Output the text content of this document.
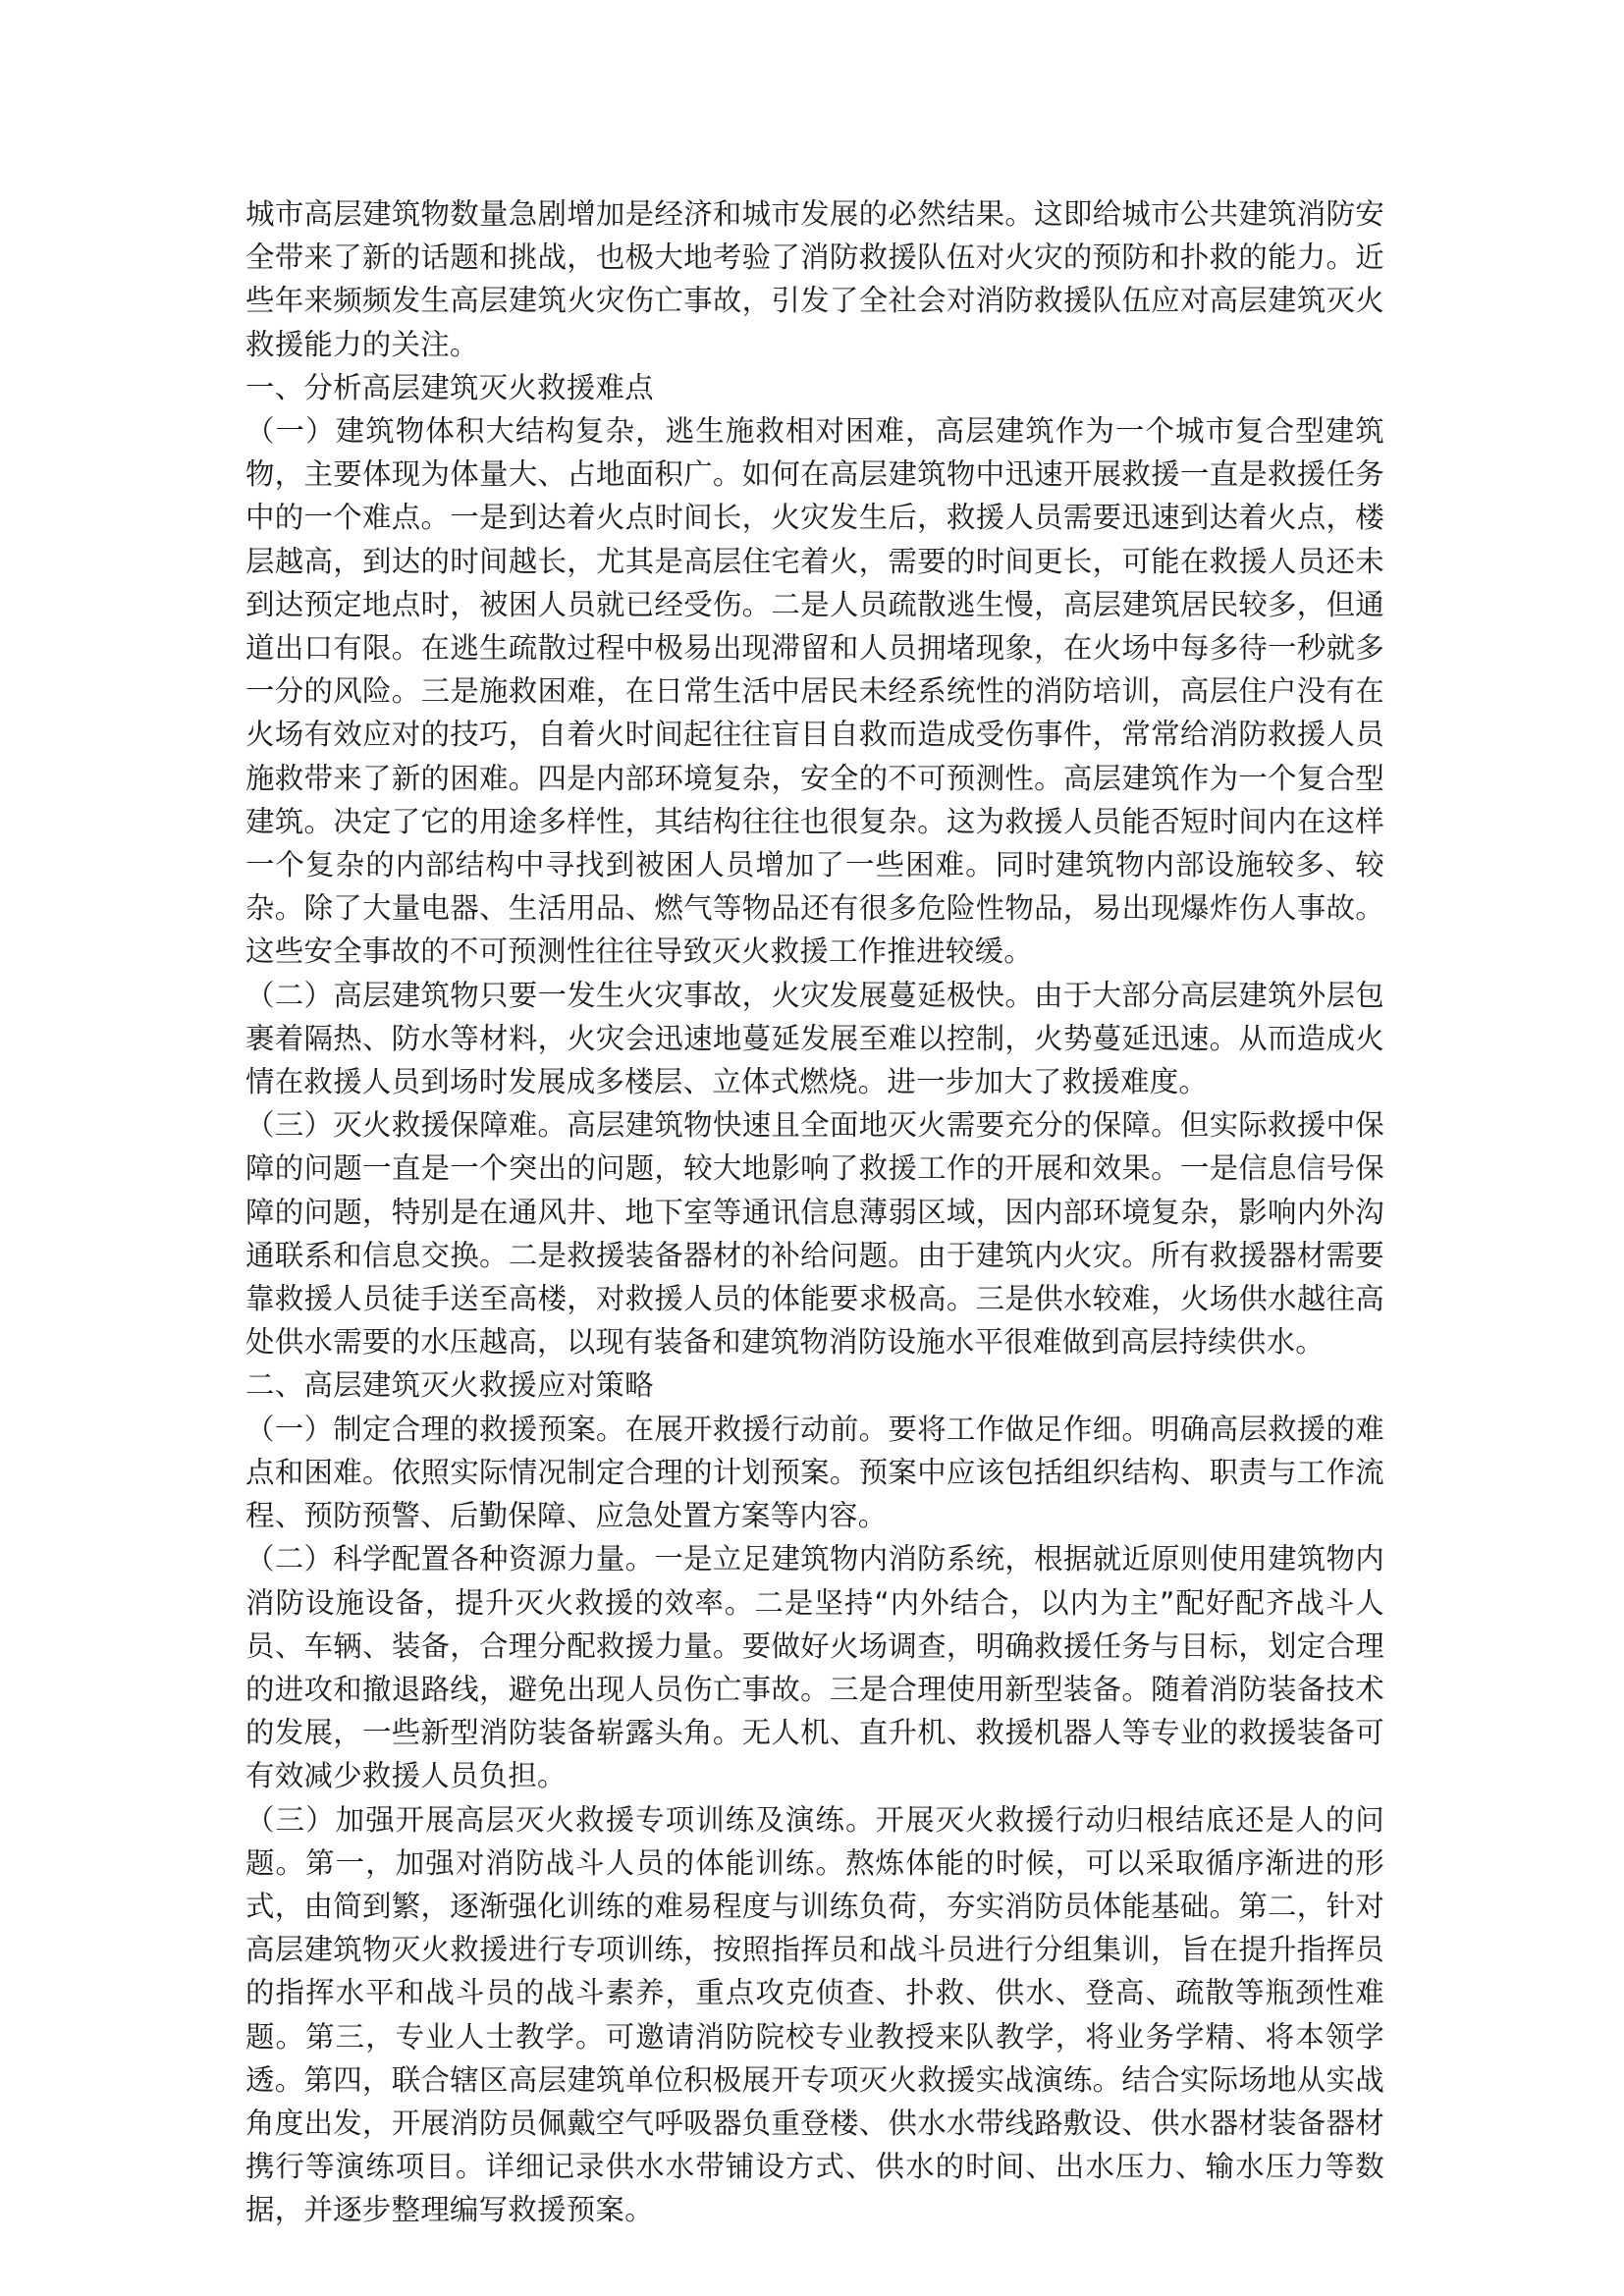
城市高层建筑物数量急剧增加是经济和城市发展的必然结果。这即给城市公共建筑消防安全带来了新的话题和挑战，也极大地考验了消防救援队伍对火灾的预防和扑救的能力。近些年来频频发生高层建筑火灾伤亡事故，引发了全社会对消防救援队伍应对高层建筑灭火救援能力的关注。

一、分析高层建筑灭火救援难点

（一）建筑物体积大结构复杂，逃生施救相对困难，高层建筑作为一个城市复合型建筑物，主要体现为体量大、占地面积广。如何在高层建筑物中迅速开展救援一直是救援任务中的一个难点。一是到达着火点时间长，火灾发生后，救援人员需要迅速到达着火点，楼层越高，到达的时间越长，尤其是高层住宅着火，需要的时间更长，可能在救援人员还未到达预定地点时，被困人员就已经受伤。二是人员疏散逃生慢，高层建筑居民较多，但通道出口有限。在逃生疏散过程中极易出现滞留和人员拥堵现象，在火场中每多待一秒就多一分的风险。三是施救困难，在日常生活中居民未经系统性的消防培训，高层住户没有在火场有效应对的技巧，自着火时间起往往盲目自救而造成受伤事件，常常给消防救援人员施救带来了新的困难。四是内部环境复杂，安全的不可预测性。高层建筑作为一个复合型建筑。决定了它的用途多样性，其结构往往也很复杂。这为救援人员能否短时间内在这样一个复杂的内部结构中寻找到被困人员增加了一些困难。同时建筑物内部设施较多、较杂。除了大量电器、生活用品、燃气等物品还有很多危险性物品，易出现爆炸伤人事故。这些安全事故的不可预测性往往导致灭火救援工作推进较缓。

（二）高层建筑物只要一发生火灾事故，火灾发展蔓延极快。由于大部分高层建筑外层包裹着隔热、防水等材料，火灾会迅速地蔓延发展至难以控制，火势蔓延迅速。从而造成火情在救援人员到场时发展成多楼层、立体式燃烧。进一步加大了救援难度。

（三）灭火救援保障难。高层建筑物快速且全面地灭火需要充分的保障。但实际救援中保障的问题一直是一个突出的问题，较大地影响了救援工作的开展和效果。一是信息信号保障的问题，特别是在通风井、地下室等通讯信息薄弱区域，因内部环境复杂，影响内外沟通联系和信息交换。二是救援装备器材的补给问题。由于建筑内火灾。所有救援器材需要靠救援人员徒手送至高楼，对救援人员的体能要求极高。三是供水较难，火场供水越往高处供水需要的水压越高，以现有装备和建筑物消防设施水平很难做到高层持续供水。

二、高层建筑灭火救援应对策略

（一）制定合理的救援预案。在展开救援行动前。要将工作做足作细。明确高层救援的难点和困难。依照实际情况制定合理的计划预案。预案中应该包括组织结构、职责与工作流程、预防预警、后勤保障、应急处置方案等内容。

（二）科学配置各种资源力量。一是立足建筑物内消防系统，根据就近原则使用建筑物内消防设施设备，提升灭火救援的效率。二是坚持“内外结合，以内为主”配好配齐战斗人员、车辆、装备，合理分配救援力量。要做好火场调查，明确救援任务与目标，划定合理的进攻和撤退路线，避免出现人员伤亡事故。三是合理使用新型装备。随着消防装备技术的发展，一些新型消防装备崭露头角。无人机、直升机、救援机器人等专业的救援装备可有效减少救援人员负担。

（三）加强开展高层灭火救援专项训练及演练。开展灭火救援行动归根结底还是人的问题。第一，加强对消防战斗人员的体能训练。熬炼体能的时候，可以采取循序渐进的形式，由简到繁，逐渐强化训练的难易程度与训练负荷，夯实消防员体能基础。第二，针对高层建筑物灭火救援进行专项训练，按照指挥员和战斗员进行分组集训，旨在提升指挥员的指挥水平和战斗员的战斗素养，重点攻克侦查、扑救、供水、登高、疏散等瓶颈性难题。第三，专业人士教学。可邀请消防院校专业教授来队教学，将业务学精、将本领学透。第四，联合辖区高层建筑单位积极展开专项灭火救援实战演练。结合实际场地从实战角度出发，开展消防员佩戴空气呼吸器负重登楼、供水水带线路敷设、供水器材装备器材携行等演练项目。详细记录供水水带铺设方式、供水的时间、出水压力、输水压力等数据，并逐步整理编写救援预案。
